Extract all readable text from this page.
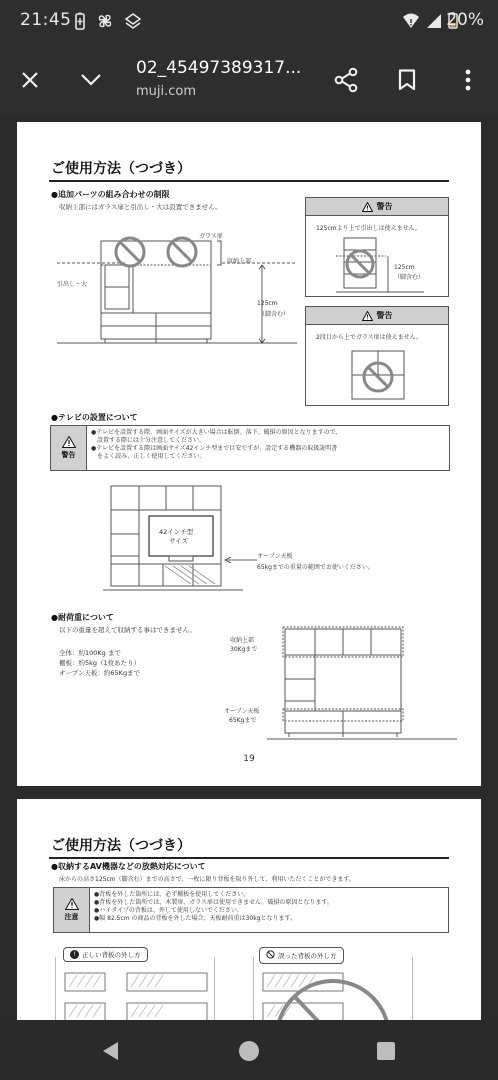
21:45	20%
02_45497389317...
muji.com
ご使用方法（つづき）
●追加パーツの組み合わせの制限
収納上部にはガラス扉と引出し・大は設置できません。
ガラス扉
収納上部
引出し・大
125cm
（脚含む）
警告
125cmより上で引出しは使えません。
125cm
（脚含む）
警告
2段目から上でガラス扉は使えません。
●テレビの設置について
警告
●テレビを設置する際、画面サイズが大きい場合は転倒、落下、破損の原因となりますので、
　設置する際には十分注意してください。
●テレビを設置する際は画面サイズ42インチ型まで目安ですが、設定する機器の取扱説明書
　をよく読み、正しく使用してください。
42インチ型
サイズ
オープン天板
65kgまでの重量の範囲でお使いください。
●耐荷重について
以下の重量を超えて収納する事はできません。
全体：約100Kg まで
棚板：約5kg（1枚あたり）
オープン天板：約65Kgまで
収納上部
30Kgまで
オープン天板
65Kgまで
19
ご使用方法（つづき）
●収納するAV機器などの放熱対応について
床からの高さ125cm（脚含む）までの高さで、一枚に限り背板を取り外して、利用いただくことができます。
注意
●背板を外した箇所には、必ず棚板を使用してください。
●背板を外した箇所では、木製扉、ガラス扉は使用できません。破損の原因となります。
●ハイタイプの背板は、外して使用しないでください。
●幅 82.5cm の商品の背板を外した場合、天板耐荷重は30kgとなります。
! 正しい背板の外し方	誤った背板の外し方
